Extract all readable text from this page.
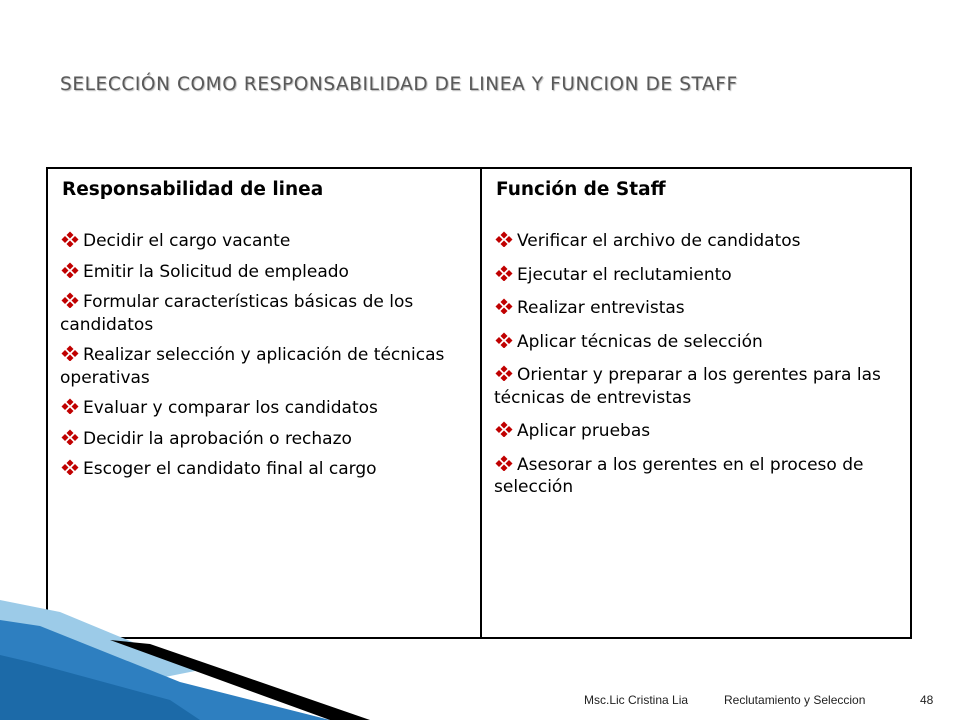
SELECCIÓN COMO RESPONSABILIDAD DE LINEA Y FUNCION DE STAFF
Responsabilidad de linea
Decidir el cargo vacante
Emitir la Solicitud de empleado
Formular características básicas de los candidatos
Realizar selección y aplicación de técnicas operativas
Evaluar y comparar los candidatos
Decidir la aprobación o rechazo
Escoger el candidato final al cargo
Función de Staff
Verificar el archivo de candidatos
Ejecutar el reclutamiento
Realizar entrevistas
Aplicar técnicas de selección
Orientar y preparar a los gerentes para las técnicas de entrevistas
Aplicar pruebas
Asesorar a los gerentes en el proceso de selección
Msc.Lic Cristina Lia	Reclutamiento y Seleccion	48
